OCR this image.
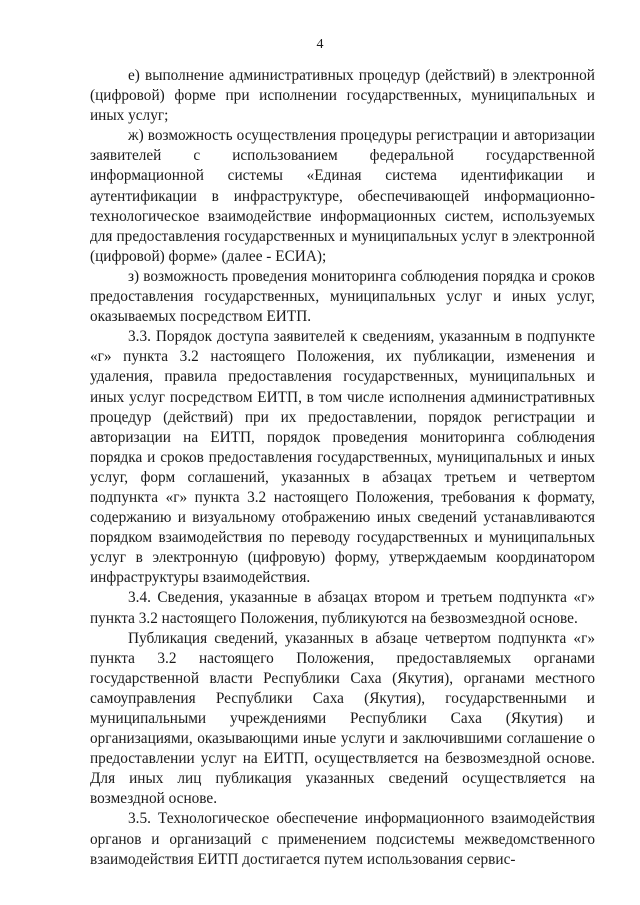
4

е) выполнение административных процедур (действий) в электронной (цифровой) форме при исполнении государственных, муниципальных и иных услуг;

ж) возможность осуществления процедуры регистрации и авторизации заявителей с использованием федеральной государственной информационной системы «Единая система идентификации и аутентификации в инфраструктуре, обеспечивающей информационно-технологическое взаимодействие информационных систем, используемых для предоставления государственных и муниципальных услуг в электронной (цифровой) форме» (далее - ЕСИА);

з) возможность проведения мониторинга соблюдения порядка и сроков предоставления государственных, муниципальных услуг и иных услуг, оказываемых посредством ЕИТП.

3.3. Порядок доступа заявителей к сведениям, указанным в подпункте «г» пункта 3.2 настоящего Положения, их публикации, изменения и удаления, правила предоставления государственных, муниципальных и иных услуг посредством ЕИТП, в том числе исполнения административных процедур (действий) при их предоставлении, порядок регистрации и авторизации на ЕИТП, порядок проведения мониторинга соблюдения порядка и сроков предоставления государственных, муниципальных и иных услуг, форм соглашений, указанных в абзацах третьем и четвертом подпункта «г» пункта 3.2 настоящего Положения, требования к формату, содержанию и визуальному отображению иных сведений устанавливаются порядком взаимодействия по переводу государственных и муниципальных услуг в электронную (цифровую) форму, утверждаемым координатором инфраструктуры взаимодействия.

3.4. Сведения, указанные в абзацах втором и третьем подпункта «г» пункта 3.2 настоящего Положения, публикуются на безвозмездной основе.

Публикация сведений, указанных в абзаце четвертом подпункта «г» пункта 3.2 настоящего Положения, предоставляемых органами государственной власти Республики Саха (Якутия), органами местного самоуправления Республики Саха (Якутия), государственными и муниципальными учреждениями Республики Саха (Якутия) и организациями, оказывающими иные услуги и заключившими соглашение о предоставлении услуг на ЕИТП, осуществляется на безвозмездной основе. Для иных лиц публикация указанных сведений осуществляется на возмездной основе.

3.5. Технологическое обеспечение информационного взаимодействия органов и организаций с применением подсистемы межведомственного взаимодействия ЕИТП достигается путем использования сервис-
